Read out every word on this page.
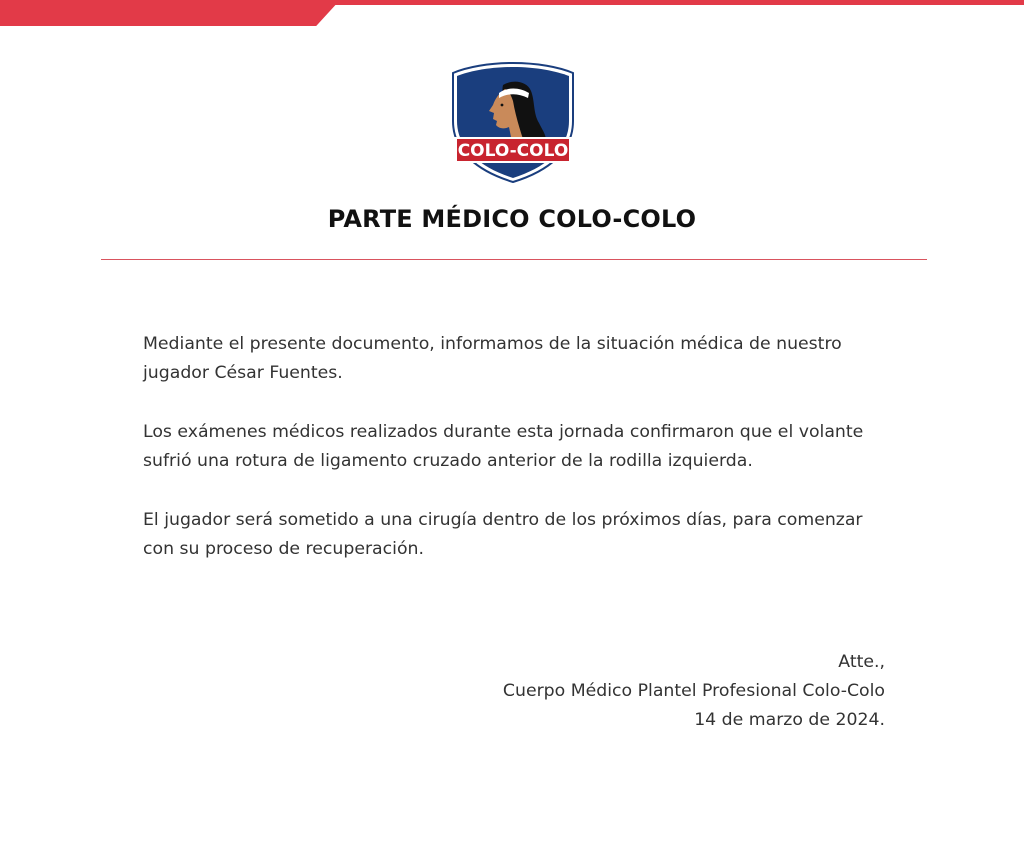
COLO-COLO
PARTE MÉDICO COLO-COLO

Mediante el presente documento, informamos de la situación médica de nuestro jugador César Fuentes.

Los exámenes médicos realizados durante esta jornada confirmaron que el volante sufrió una rotura de ligamento cruzado anterior de la rodilla izquierda.

El jugador será sometido a una cirugía dentro de los próximos días, para comenzar con su proceso de recuperación.

Atte.,
Cuerpo Médico Plantel Profesional Colo-Colo
14 de marzo de 2024.
